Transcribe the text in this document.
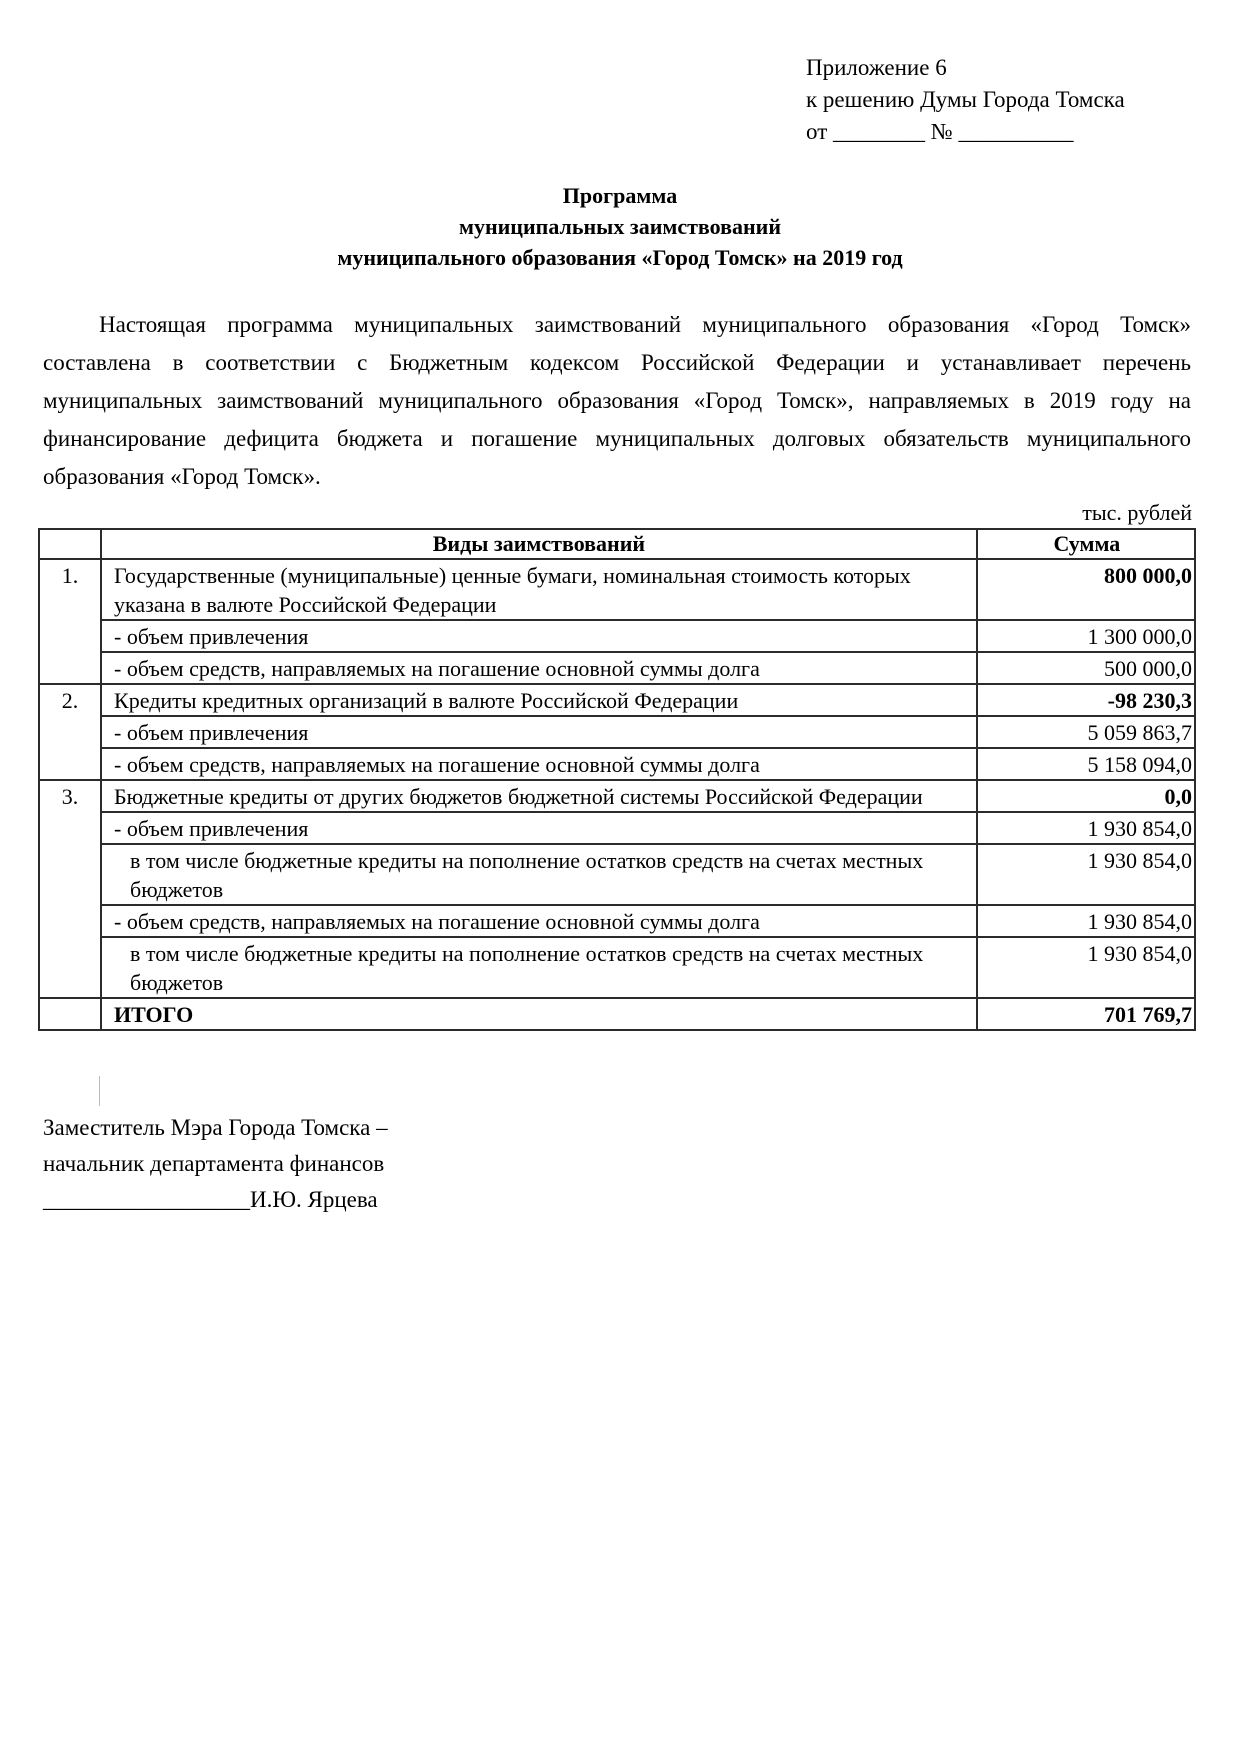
Приложение 6
к решению Думы Города Томска
от ________ № __________
Программа
муниципальных заимствований
муниципального образования «Город Томск» на 2019 год
Настоящая программа муниципальных заимствований муниципального образования «Город Томск» составлена в соответствии с Бюджетным кодексом Российской Федерации и устанавливает перечень муниципальных заимствований муниципального образования «Город Томск», направляемых в 2019 году на финансирование дефицита бюджета и погашение муниципальных долговых обязательств муниципального образования «Город Томск».
тыс. рублей
	Виды заимствований	Сумма
1.	Государственные (муниципальные) ценные бумаги, номинальная стоимость которых указана в валюте Российской Федерации	800 000,0
	- объем привлечения	1 300 000,0
	- объем средств, направляемых на погашение основной суммы долга	500 000,0
2.	Кредиты кредитных организаций в валюте Российской Федерации	-98 230,3
	- объем привлечения	5 059 863,7
	- объем средств, направляемых на погашение основной суммы долга	5 158 094,0
3.	Бюджетные кредиты от других бюджетов бюджетной системы Российской Федерации	0,0
	- объем привлечения	1 930 854,0
	в том числе бюджетные кредиты на пополнение остатков средств на счетах местных бюджетов	1 930 854,0
	- объем средств, направляемых на погашение основной суммы долга	1 930 854,0
	в том числе бюджетные кредиты на пополнение остатков средств на счетах местных бюджетов	1 930 854,0
	ИТОГО	701 769,7
Заместитель Мэра Города Томска –
начальник департамента финансов
__________________И.Ю. Ярцева
